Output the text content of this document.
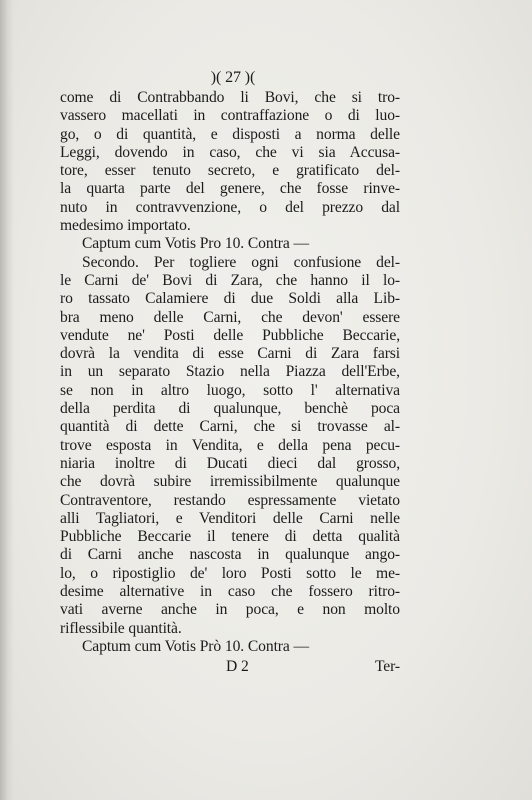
)( 27 )(
come di Contrabbando li Bovi, che si tro-
vassero macellati in contraffazione o di luo-
go, o di quantità, e disposti a norma delle
Leggi, dovendo in caso, che vi sia Accusa-
tore, esser tenuto secreto, e gratificato del-
la quarta parte del genere, che fosse rinve-
nuto in contravvenzione, o del prezzo dal
medesimo importato.
Captum cum Votis Pro 10. Contra —
Secondo. Per togliere ogni confusione del-
le Carni de' Bovi di Zara, che hanno il lo-
ro tassato Calamiere di due Soldi alla Lib-
bra meno delle Carni, che devon' essere
vendute ne' Posti delle Pubbliche Beccarie,
dovrà la vendita di esse Carni di Zara farsi
in un separato Stazio nella Piazza dell'Erbe,
se non in altro luogo, sotto l' alternativa
della perdita di qualunque, benchè poca
quantità di dette Carni, che si trovasse al-
trove esposta in Vendita, e della pena pecu-
niaria inoltre di Ducati dieci dal grosso,
che dovrà subire irremissibilmente qualunque
Contraventore, restando espressamente vietato
alli Tagliatori, e Venditori delle Carni nelle
Pubbliche Beccarie il tenere di detta qualità
di Carni anche nascosta in qualunque ango-
lo, o ripostiglio de' loro Posti sotto le me-
desime alternative in caso che fossero ritro-
vati averne anche in poca, e non molto
riflessibile quantità.
Captum cum Votis Prò 10. Contra —
D 2	Ter-
